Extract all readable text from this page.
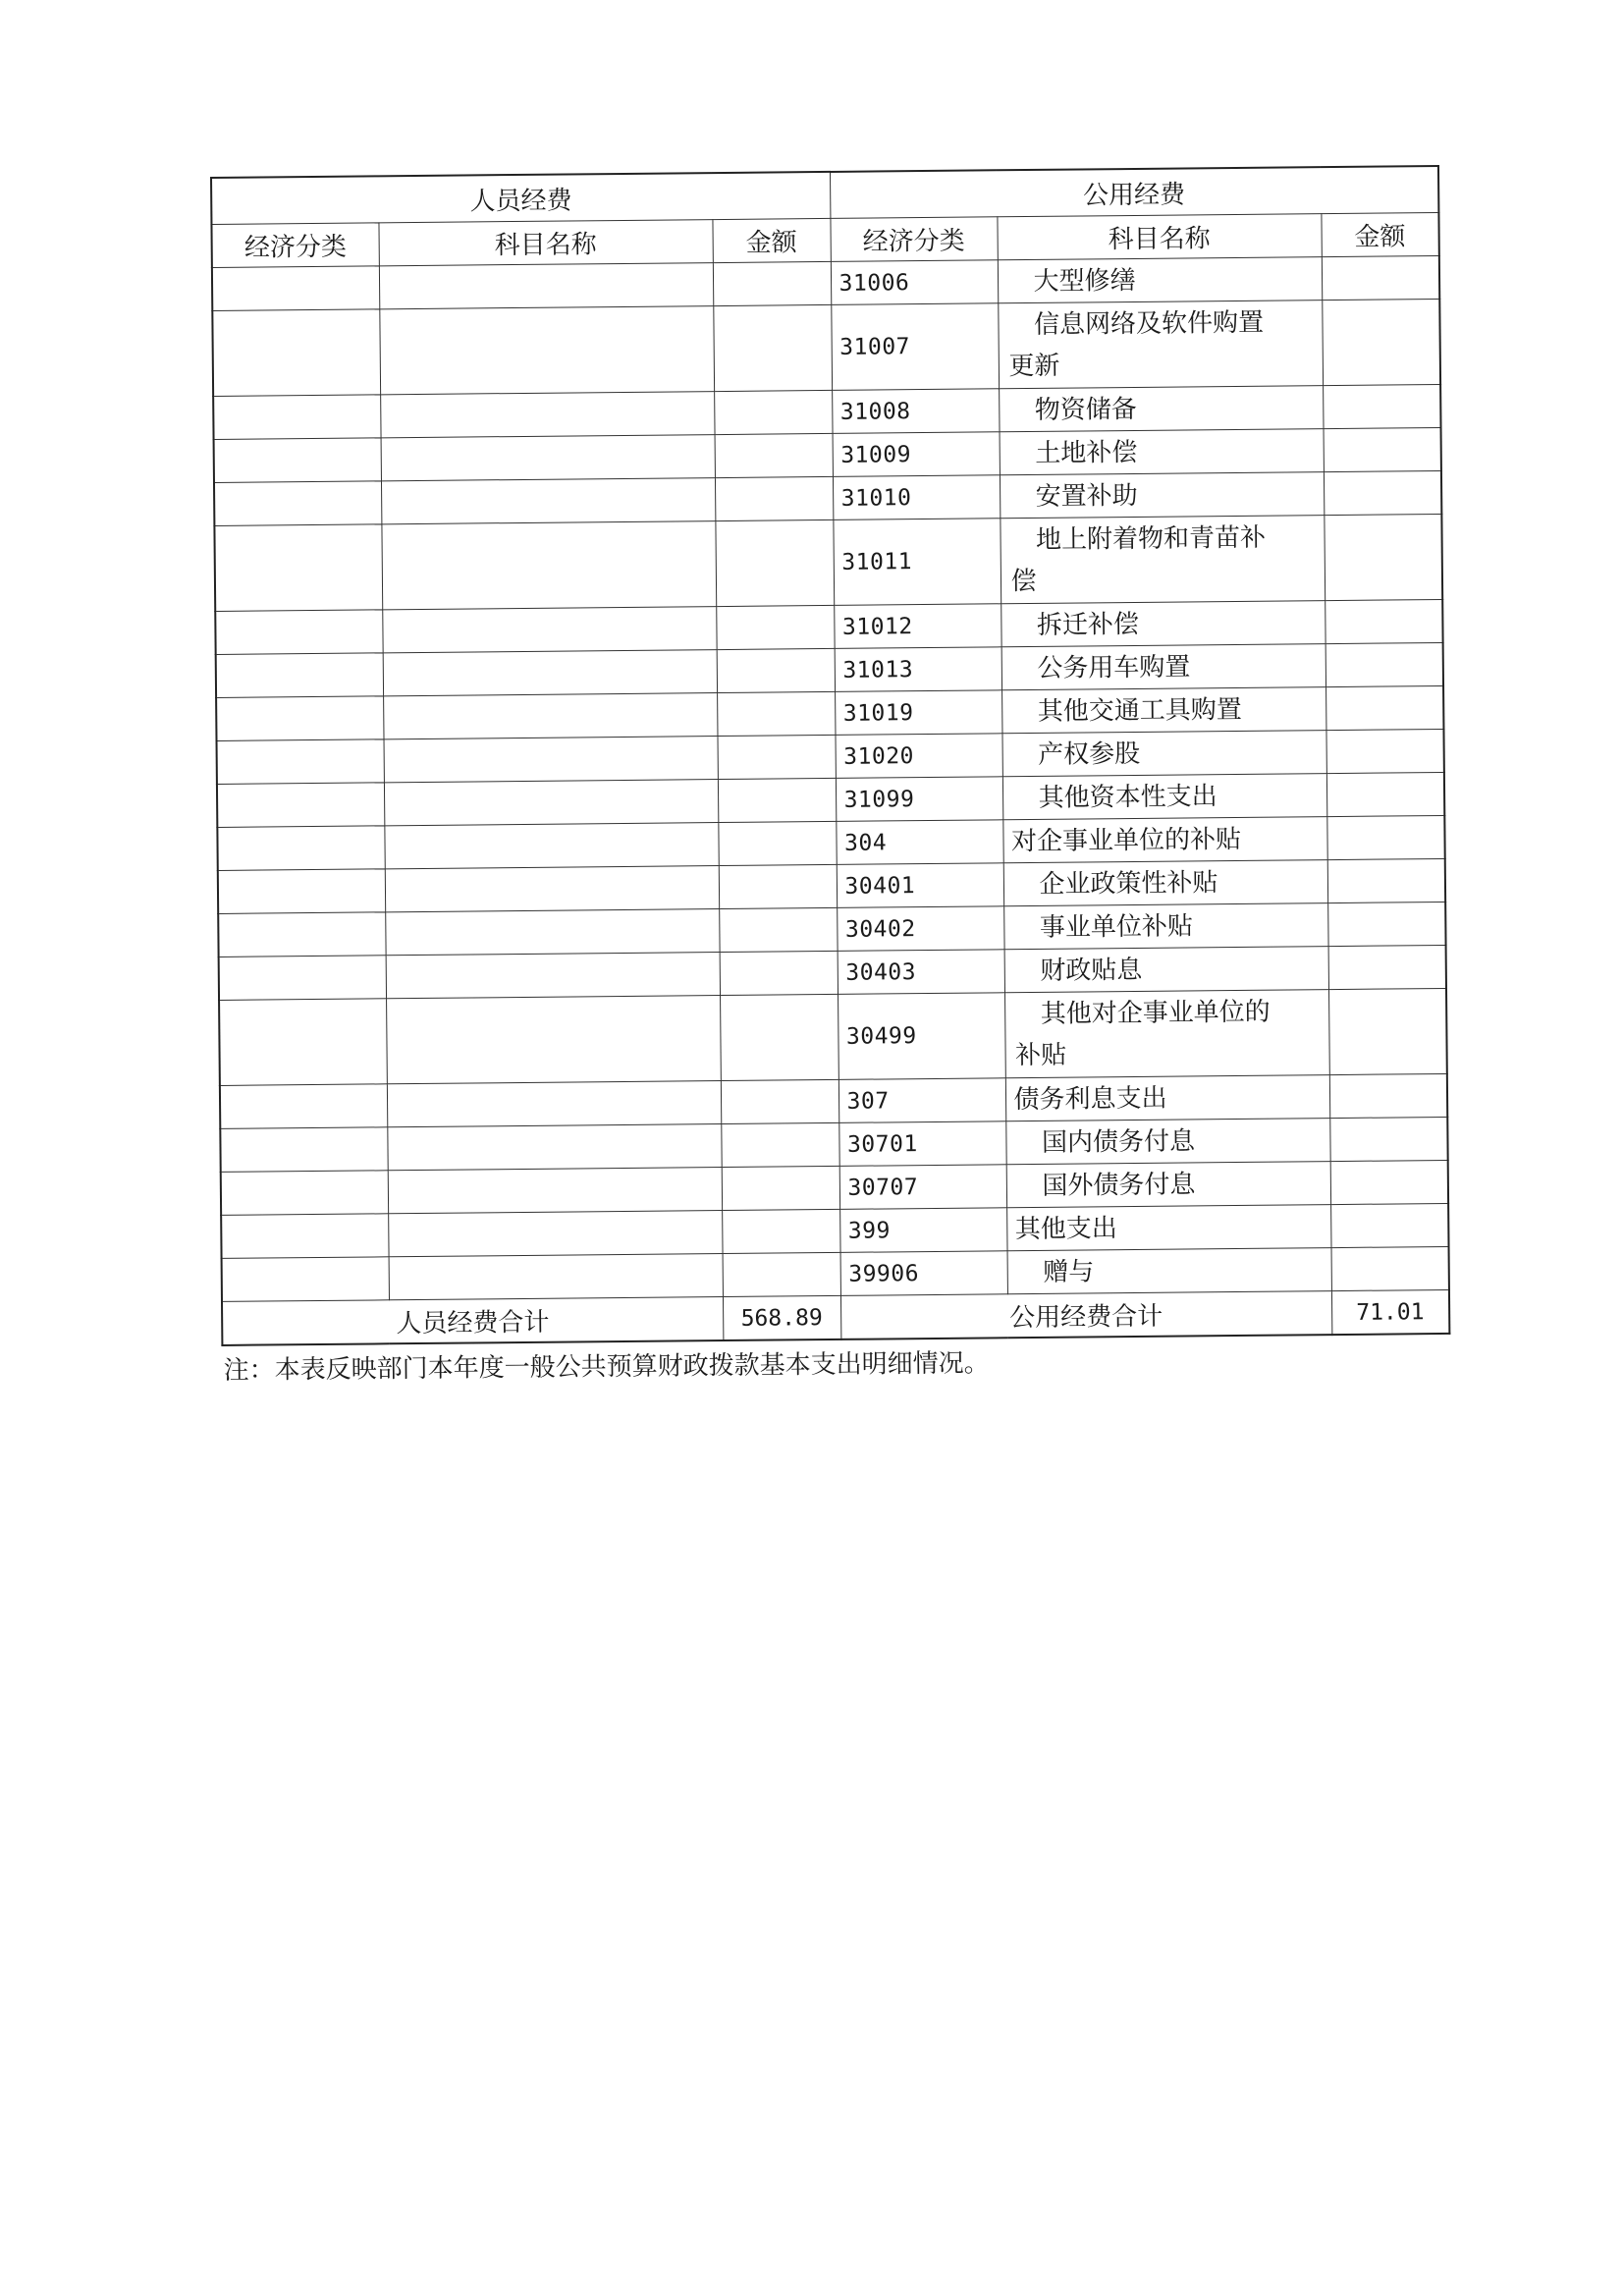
人员经费			公用经费		
经济分类	科目名称	金额	经济分类	科目名称	金额
			31006	大型修缮	
			31007	信息网络及软件购置
更新	

			31008	物资储备	
			31009	土地补偿	
			31010	安置补助	
			31011	地上附着物和青苗补
偿	

			31012	拆迁补偿	
			31013	公务用车购置	
			31019	其他交通工具购置	
			31020	产权参股	
			31099	其他资本性支出	
			304	对企事业单位的补贴	
			30401	企业政策性补贴	
			30402	事业单位补贴	
			30403	财政贴息	
			30499	其他对企事业单位的
补贴	

			307	债务利息支出	
			30701	国内债务付息	
			30707	国外债务付息	
			399	其他支出	
			39906	赠与	
人员经费合计		568.89	公用经费合计		71.01
注：本表反映部门本年度一般公共预算财政拨款基本支出明细情况。
